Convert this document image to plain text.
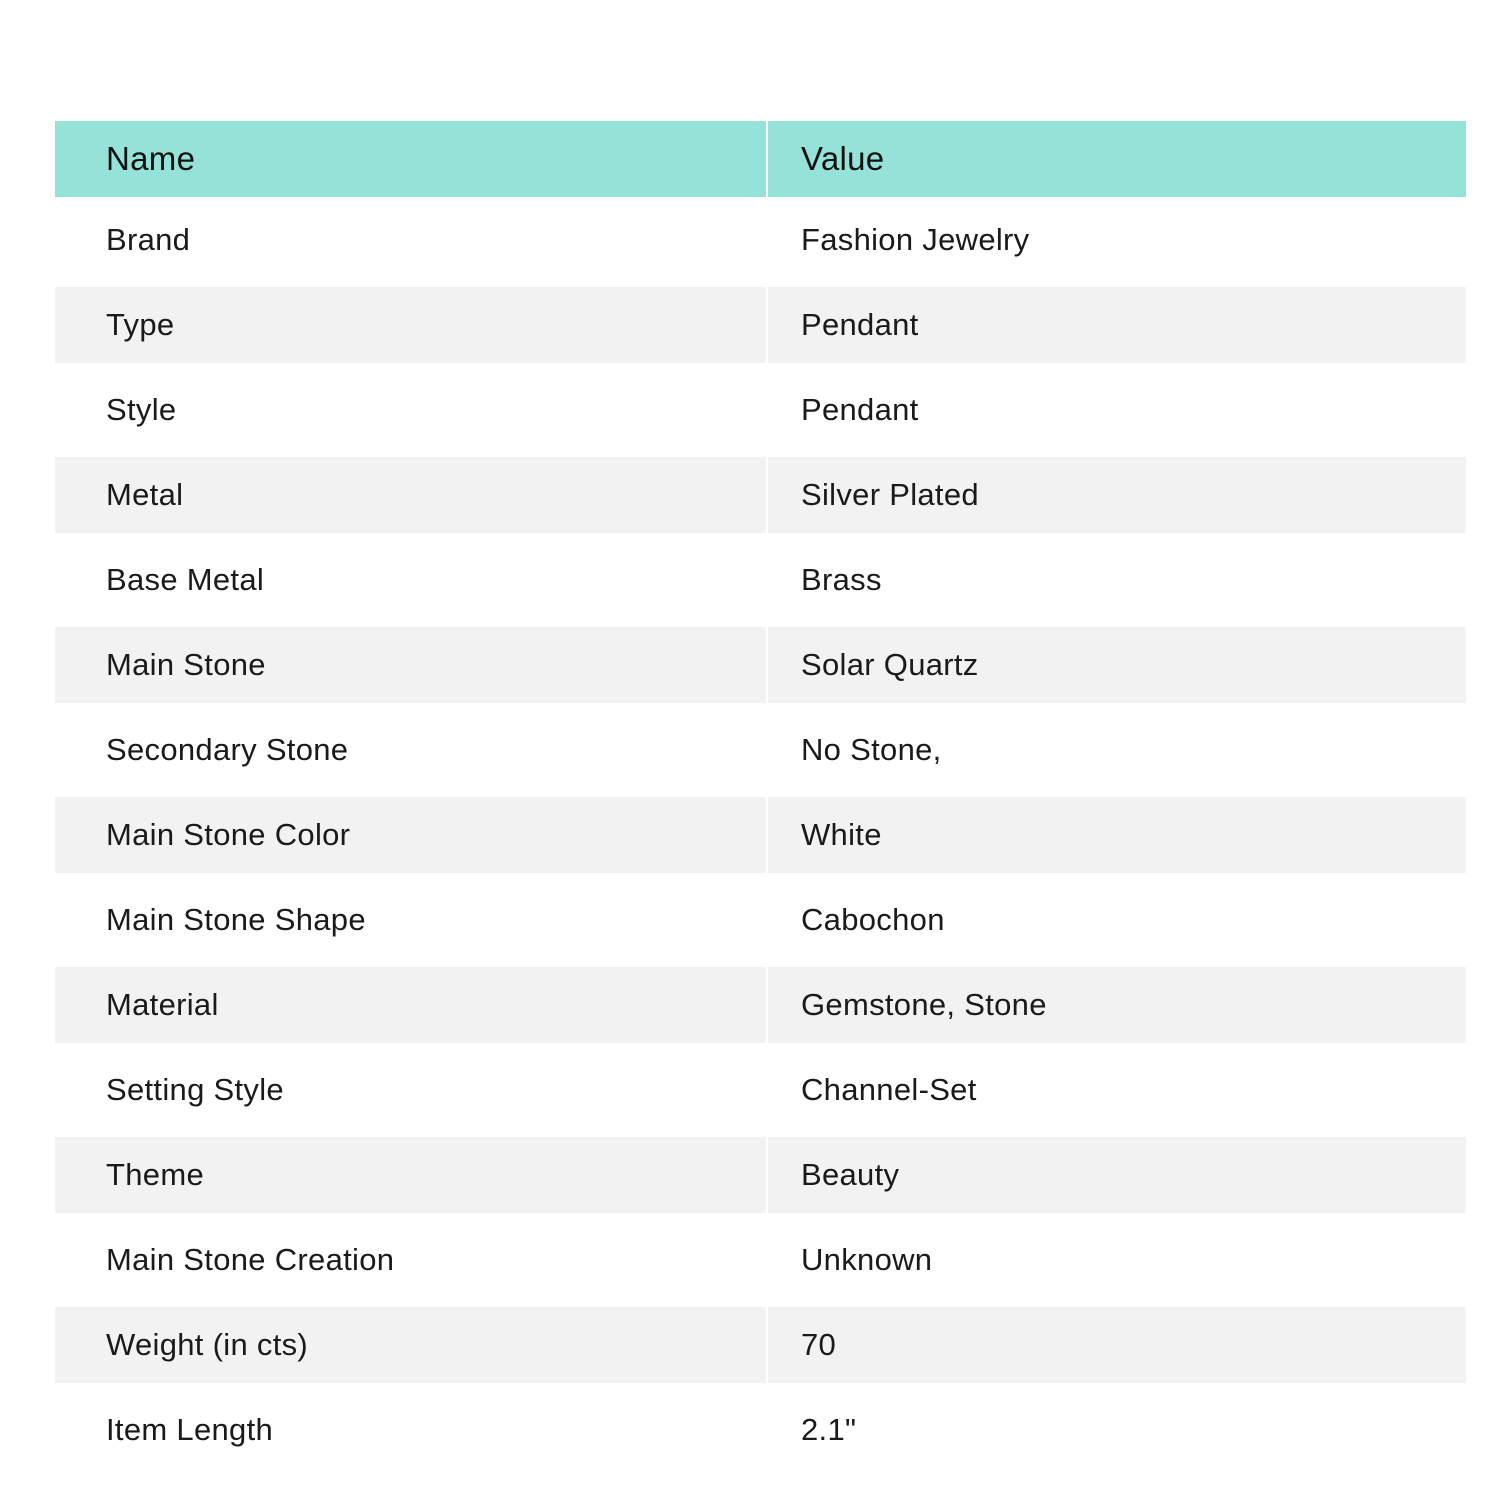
Name	Value
Brand	Fashion Jewelry
Type	Pendant
Style	Pendant
Metal	Silver Plated
Base Metal	Brass
Main Stone	Solar Quartz
Secondary Stone	No Stone,
Main Stone Color	White
Main Stone Shape	Cabochon
Material	Gemstone, Stone
Setting Style	Channel-Set
Theme	Beauty
Main Stone Creation	Unknown
Weight (in cts)	70
Item Length	2.1"
